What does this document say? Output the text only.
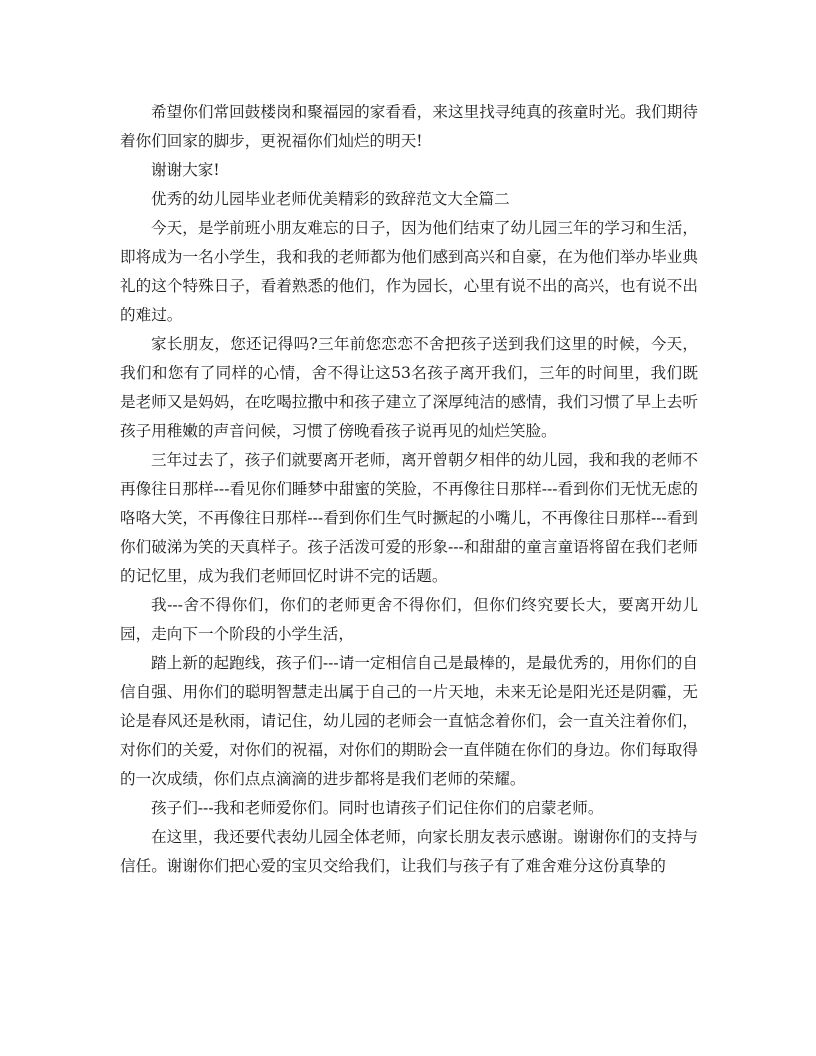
希望你们常回鼓楼岗和聚福园的家看看，来这里找寻纯真的孩童时光。我们期待着你们回家的脚步，更祝福你们灿烂的明天!

谢谢大家!

优秀的幼儿园毕业老师优美精彩的致辞范文大全篇二

今天，是学前班小朋友难忘的日子，因为他们结束了幼儿园三年的学习和生活，即将成为一名小学生，我和我的老师都为他们感到高兴和自豪，在为他们举办毕业典礼的这个特殊日子，看着熟悉的他们，作为园长，心里有说不出的高兴，也有说不出的难过。

家长朋友，您还记得吗?三年前您恋恋不舍把孩子送到我们这里的时候，今天，我们和您有了同样的心情，舍不得让这53名孩子离开我们，三年的时间里，我们既是老师又是妈妈，在吃喝拉撒中和孩子建立了深厚纯洁的感情，我们习惯了早上去听孩子用稚嫩的声音问候，习惯了傍晚看孩子说再见的灿烂笑脸。

三年过去了，孩子们就要离开老师，离开曾朝夕相伴的幼儿园，我和我的老师不再像往日那样---看见你们睡梦中甜蜜的笑脸，不再像往日那样---看到你们无忧无虑的咯咯大笑，不再像往日那样---看到你们生气时撅起的小嘴儿，不再像往日那样---看到你们破涕为笑的天真样子。孩子活泼可爱的形象---和甜甜的童言童语将留在我们老师的记忆里，成为我们老师回忆时讲不完的话题。

我---舍不得你们，你们的老师更舍不得你们，但你们终究要长大，要离开幼儿园，走向下一个阶段的小学生活，

踏上新的起跑线，孩子们---请一定相信自己是最棒的，是最优秀的，用你们的自信自强、用你们的聪明智慧走出属于自己的一片天地，未来无论是阳光还是阴霾，无论是春风还是秋雨，请记住，幼儿园的老师会一直惦念着你们，会一直关注着你们，对你们的关爱，对你们的祝福，对你们的期盼会一直伴随在你们的身边。你们每取得的一次成绩，你们点点滴滴的进步都将是我们老师的荣耀。

孩子们---我和老师爱你们。同时也请孩子们记住你们的启蒙老师。

在这里，我还要代表幼儿园全体老师，向家长朋友表示感谢。谢谢你们的支持与信任。谢谢你们把心爱的宝贝交给我们，让我们与孩子有了难舍难分这份真挚的
